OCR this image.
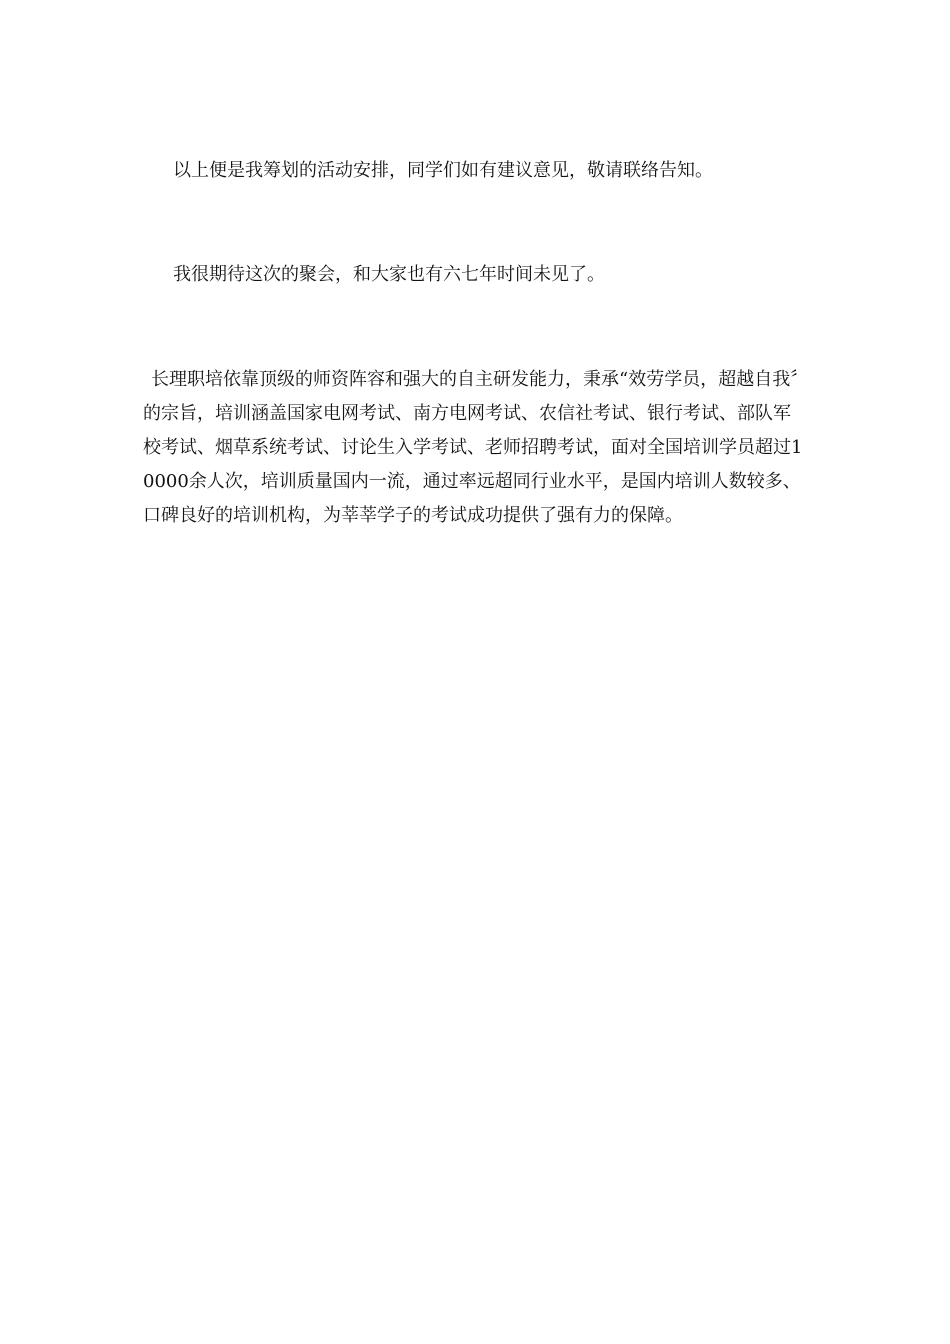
以上便是我筹划的活动安排，同学们如有建议意见，敬请联络告知。

我很期待这次的聚会，和大家也有六七年时间未见了。

长理职培依靠顶级的师资阵容和强大的自主研发能力，秉承“效劳学员，超越自我〞的宗旨，培训涵盖国家电网考试、南方电网考试、农信社考试、银行考试、部队军校考试、烟草系统考试、讨论生入学考试、老师招聘考试，面对全国培训学员超过10000余人次，培训质量国内一流，通过率远超同行业水平，是国内培训人数较多、口碑良好的培训机构，为莘莘学子的考试成功提供了强有力的保障。
